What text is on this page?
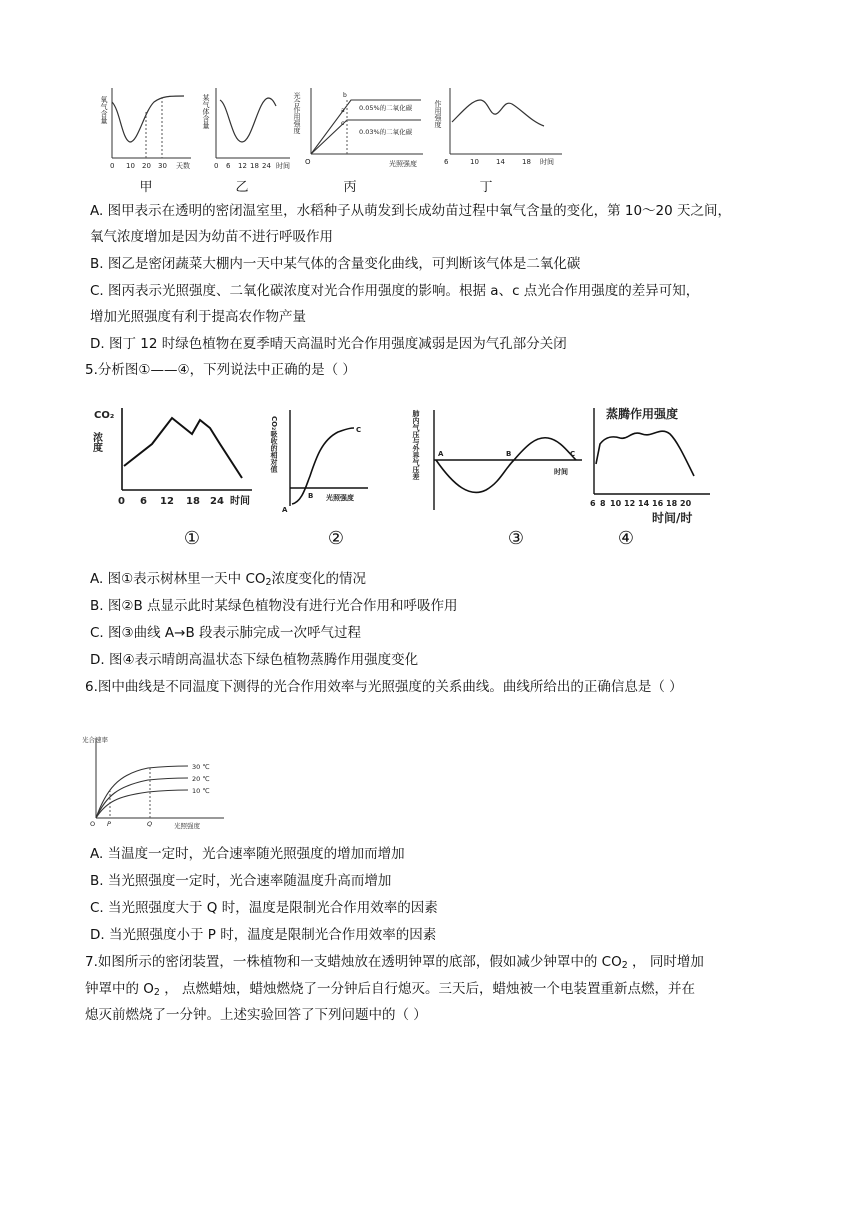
氧气含量
0 10 20 30 天数
甲
某气体含量
0 6 12 18 24 时间
乙
光合作用强度	b
a
c
0.05%的二氧化碳
0.03%的二氧化碳
O	光照强度
丙
作用强度
6	10 14 18 时间
丁
A. 图甲表示在透明的密闭温室里，水稻种子从萌发到长成幼苗过程中氧气含量的变化，第 10～20 天之间，
氧气浓度增加是因为幼苗不进行呼吸作用
B. 图乙是密闭蔬菜大棚内一天中某气体的含量变化曲线，可判断该气体是二氧化碳
C. 图丙表示光照强度、二氧化碳浓度对光合作用强度的影响。根据 a、c 点光合作用强度的差异可知，
增加光照强度有利于提高农作物产量
D. 图丁 12 时绿色植物在夏季晴天高温时光合作用强度减弱是因为气孔部分关闭
5.分析图①——④，下列说法中正确的是（ ）
CO₂
浓度
0 6 12 18 24 时间
①
CO₂吸收的相对值
A
B
C
光照强度
②
肺内气压与外界气压差	A	B	C
时间
③
蒸腾作用强度
6 8 10 12 14 16 18 20
时间/时
④
A. 图①表示树林里一天中 $CO_2$浓度变化的情况
B. 图②B 点显示此时某绿色植物没有进行光合作用和呼吸作用
C. 图③曲线 A→B 段表示肺完成一次呼气过程
D. 图④表示晴朗高温状态下绿色植物蒸腾作用强度变化
6.图中曲线是不同温度下测得的光合作用效率与光照强度的关系曲线。曲线所给出的正确信息是（ ）
光合速率
30 ℃
20 ℃
10 ℃
O P	Q	光照强度
A. 当温度一定时，光合速率随光照强度的增加而增加
B. 当光照强度一定时，光合速率随温度升高而增加
C. 当光照强度大于 Q 时，温度是限制光合作用效率的因素
D. 当光照强度小于 P 时，温度是限制光合作用效率的因素
7.如图所示的密闭装置，一株植物和一支蜡烛放在透明钟罩的底部，假如减少钟罩中的 $CO_2$ ， 同时增加
钟罩中的 $O_2$ ， 点燃蜡烛，蜡烛燃烧了一分钟后自行熄灭。三天后，蜡烛被一个电装置重新点燃，并在
熄灭前燃烧了一分钟。上述实验回答了下列问题中的（ ）
